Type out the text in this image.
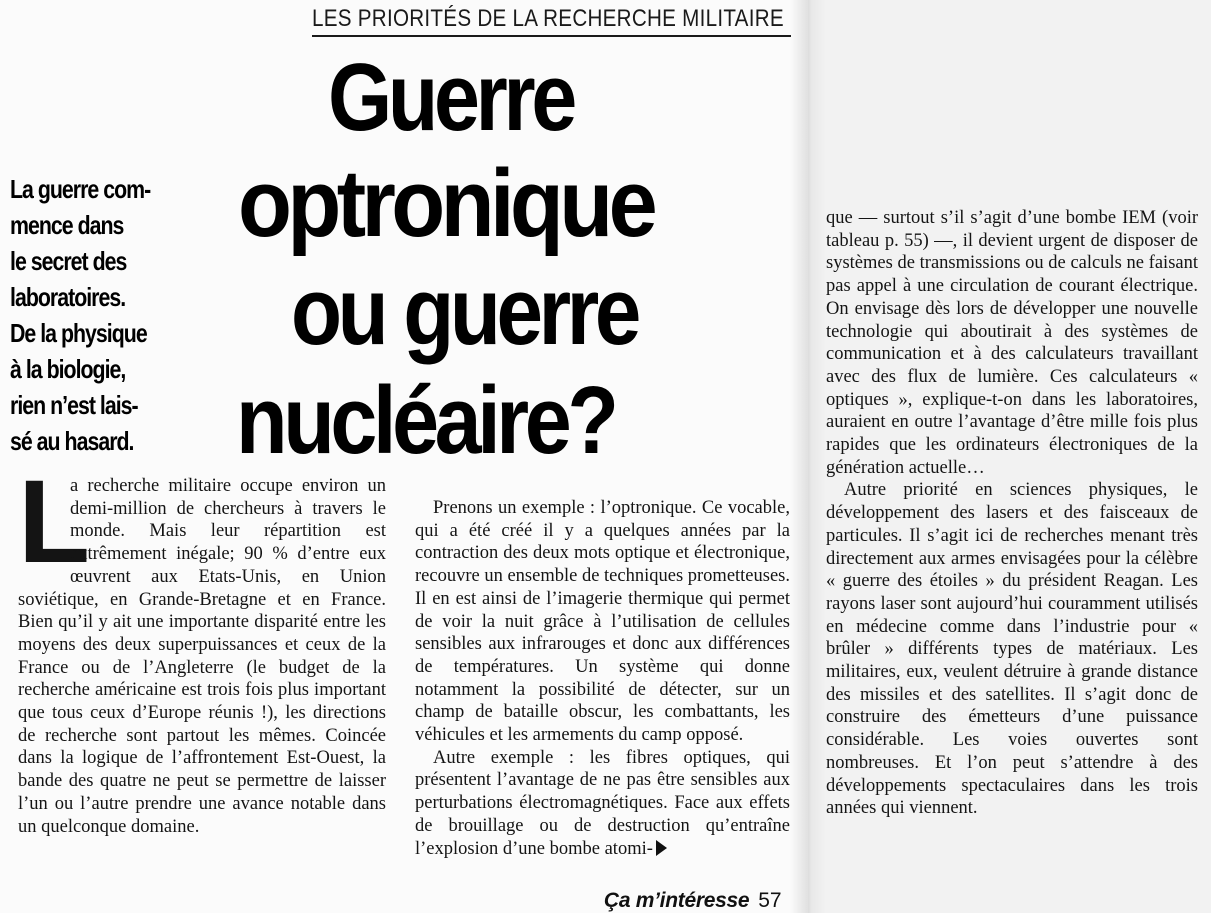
LES PRIORITÉS DE LA RECHERCHE MILITAIRE
Guerre
optronique
ou guerre
nucléaire?
La guerre com-
mence dans
le secret des
laboratoires.
De la physique
à la biologie,
rien n’est lais-
sé au hasard.

L
a recherche militaire occupe environ un demi-million de chercheurs à travers le monde. Mais leur répartition est extrêmement inégale; 90 % d’entre eux œuvrent aux Etats-Unis, en Union soviétique, en Grande-Bretagne et en France. Bien qu’il y ait une importante disparité entre les moyens des deux superpuissances et ceux de la France ou de l’Angleterre (le budget de la recherche américaine est trois fois plus important que tous ceux d’Europe réunis !), les directions de recherche sont partout les mêmes. Coincée dans la logique de l’affrontement Est-Ouest, la bande des quatre ne peut se permettre de laisser l’un ou l’autre prendre une avance notable dans un quelconque domaine.

Prenons un exemple : l’optronique. Ce vocable, qui a été créé il y a quelques années par la contraction des deux mots optique et électronique, recouvre un ensemble de techniques prometteuses. Il en est ainsi de l’imagerie thermique qui permet de voir la nuit grâce à l’utilisation de cellules sensibles aux infrarouges et donc aux différences de températures. Un système qui donne notamment la possibilité de détecter, sur un champ de bataille obscur, les combattants, les véhicules et les armements du camp opposé.

Autre exemple : les fibres optiques, qui présentent l’avantage de ne pas être sensibles aux perturbations électromagnétiques. Face aux effets de brouillage ou de destruction qu’entraîne l’explosion d’une bombe atomi-

que — surtout s’il s’agit d’une bombe IEM (voir tableau p. 55) —, il devient urgent de disposer de systèmes de transmissions ou de calculs ne faisant pas appel à une circulation de courant électrique. On envisage dès lors de développer une nouvelle technologie qui aboutirait à des systèmes de communication et à des calculateurs travaillant avec des flux de lumière. Ces calculateurs « optiques », explique-t-on dans les laboratoires, auraient en outre l’avantage d’être mille fois plus rapides que les ordinateurs électroniques de la génération actuelle…

Autre priorité en sciences physiques, le développement des lasers et des faisceaux de particules. Il s’agit ici de recherches menant très directement aux armes envisagées pour la célèbre « guerre des étoiles » du président Reagan. Les rayons laser sont aujourd’hui couramment utilisés en médecine comme dans l’industrie pour « brûler » différents types de matériaux. Les militaires, eux, veulent détruire à grande distance des missiles et des satellites. Il s’agit donc de construire des émetteurs d’une puissance considérable. Les voies ouvertes sont nombreuses. Et l’on peut s’attendre à des développements spectaculaires dans les trois années qui viennent.

Ça m’intéresse 57
